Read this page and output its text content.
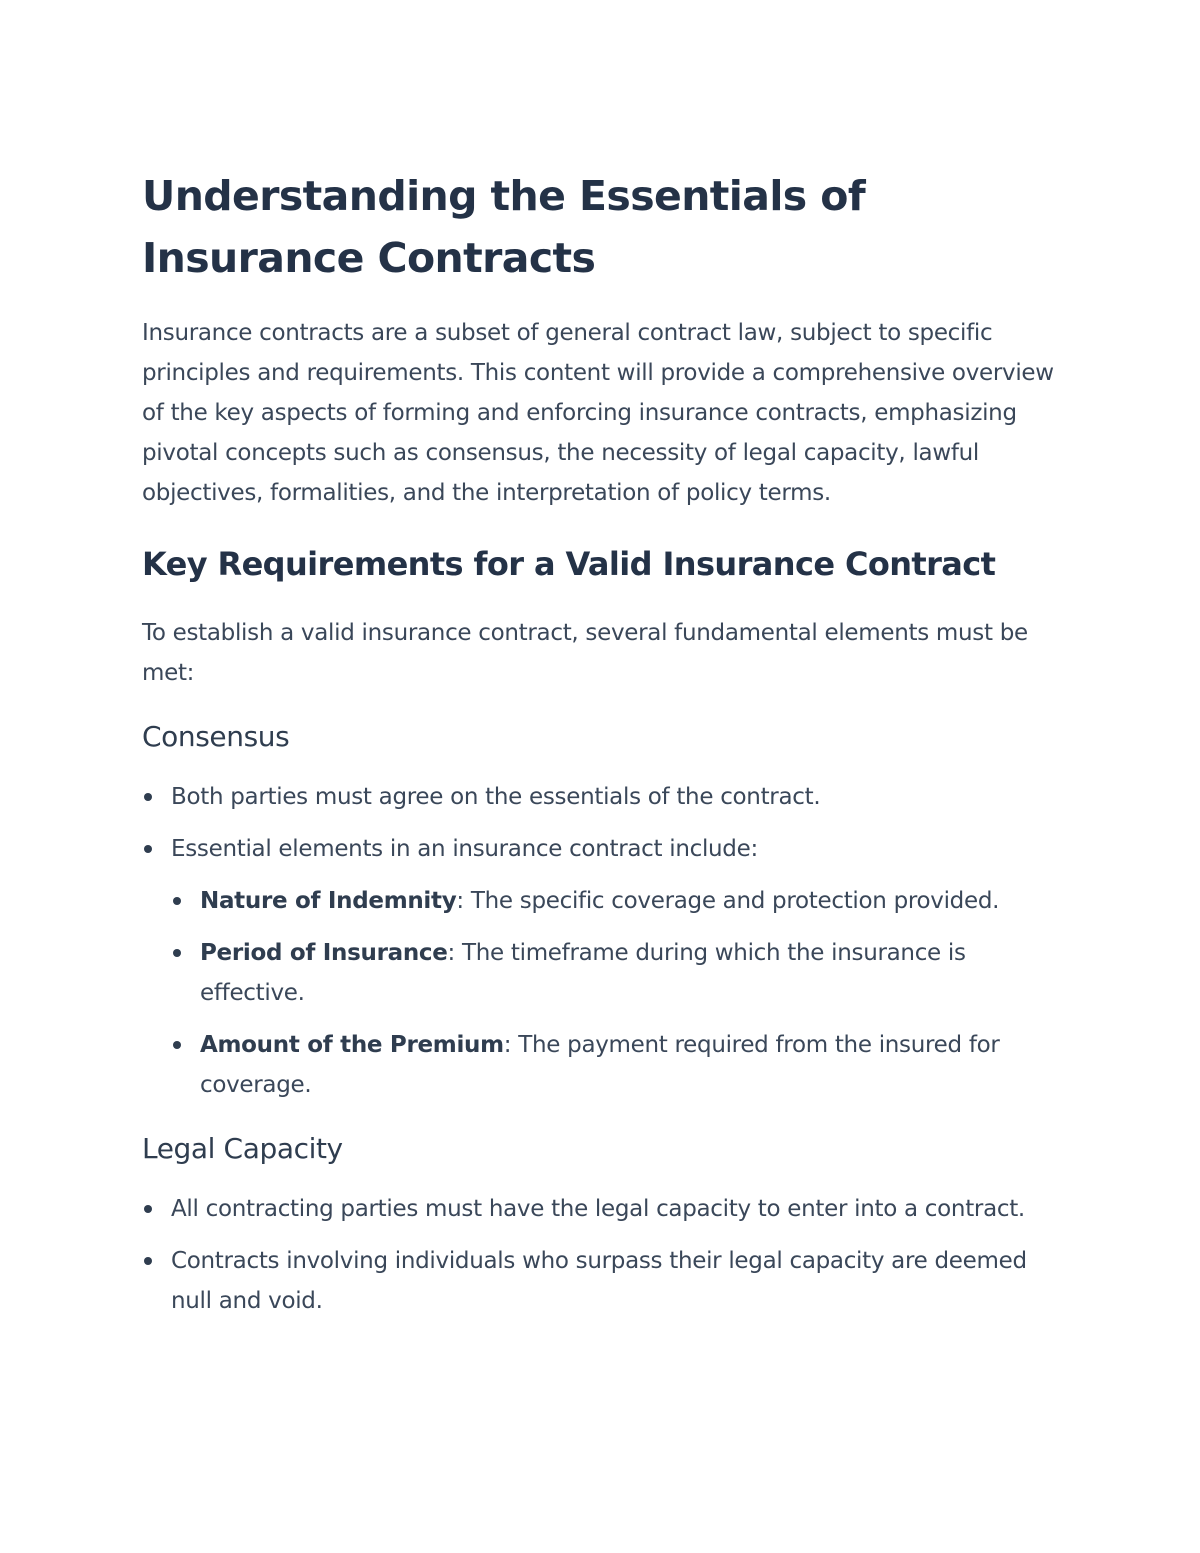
Understanding the Essentials of Insurance Contracts

Insurance contracts are a subset of general contract law, subject to specific principles and requirements. This content will provide a comprehensive overview of the key aspects of forming and enforcing insurance contracts, emphasizing pivotal concepts such as consensus, the necessity of legal capacity, lawful objectives, formalities, and the interpretation of policy terms.

Key Requirements for a Valid Insurance Contract

To establish a valid insurance contract, several fundamental elements must be met:

Consensus
Both parties must agree on the essentials of the contract.
Essential elements in an insurance contract include:
Nature of Indemnity: The specific coverage and protection provided.
Period of Insurance: The timeframe during which the insurance is effective.
Amount of the Premium: The payment required from the insured for coverage.
Legal Capacity
All contracting parties must have the legal capacity to enter into a contract.
Contracts involving individuals who surpass their legal capacity are deemed null and void.
